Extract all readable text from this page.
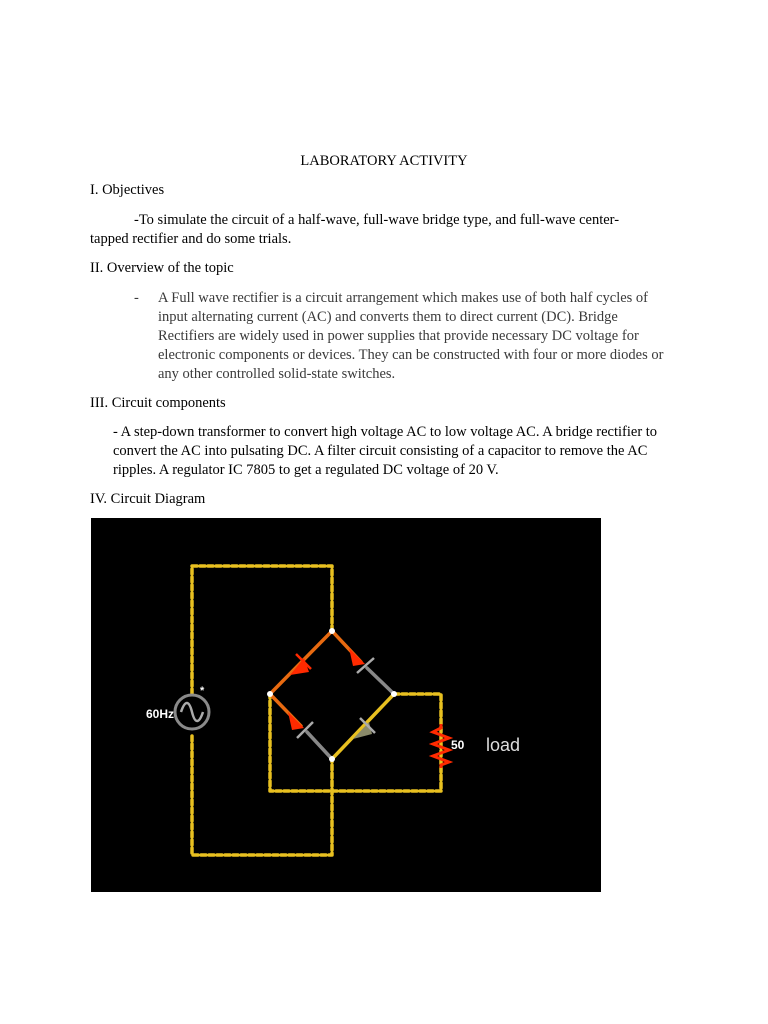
LABORATORY ACTIVITY
I. Objectives
-To simulate the circuit of a half-wave, full-wave bridge type, and full-wave center-tapped rectifier and do some trials.
II. Overview of the topic
- A Full wave rectifier is a circuit arrangement which makes use of both half cycles of input alternating current (AC) and converts them to direct current (DC). Bridge Rectifiers are widely used in power supplies that provide necessary DC voltage for electronic components or devices. They can be constructed with four or more diodes or any other controlled solid-state switches.
III. Circuit components
- A step-down transformer to convert high voltage AC to low voltage AC. A bridge rectifier to convert the AC into pulsating DC. A filter circuit consisting of a capacitor to remove the AC ripples. A regulator IC 7805 to get a regulated DC voltage of 20 V.
IV. Circuit Diagram
60Hz
*
50 load
